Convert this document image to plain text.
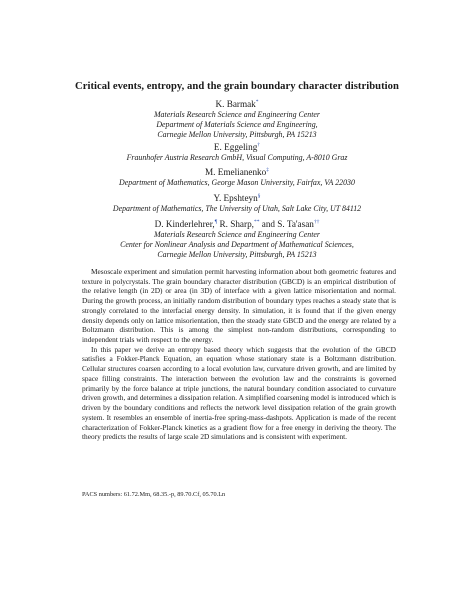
Critical events, entropy, and the grain boundary character distribution
K. Barmak*
Materials Research Science and Engineering Center
Department of Materials Science and Engineering,
Carnegie Mellon University, Pittsburgh, PA 15213
E. Eggeling†
Fraunhofer Austria Research GmbH, Visual Computing, A-8010 Graz
M. Emelianenko‡
Department of Mathematics, George Mason University, Fairfax, VA 22030
Y. Epshteyn§
Department of Mathematics, The University of Utah, Salt Lake City, UT 84112
D. Kinderlehrer,¶ R. Sharp,** and S. Ta'asan††
Materials Research Science and Engineering Center
Center for Nonlinear Analysis and Department of Mathematical Sciences,
Carnegie Mellon University, Pittsburgh, PA 15213

Mesoscale experiment and simulation permit harvesting information about both geometric features and texture in polycrystals. The grain boundary character distribution (GBCD) is an empirical distribution of the relative length (in 2D) or area (in 3D) of interface with a given lattice misorientation and normal. During the growth process, an initially random distribution of boundary types reaches a steady state that is strongly correlated to the interfacial energy density. In simulation, it is found that if the given energy density depends only on lattice misorientation, then the steady state GBCD and the energy are related by a Boltzmann distribution. This is among the simplest non-random distributions, corresponding to independent trials with respect to the energy.

In this paper we derive an entropy based theory which suggests that the evolution of the GBCD satisfies a Fokker-Planck Equation, an equation whose stationary state is a Boltzmann distribution. Cellular structures coarsen according to a local evolution law, curvature driven growth, and are limited by space filling constraints. The interaction between the evolution law and the constraints is governed primarily by the force balance at triple junctions, the natural boundary condition associated to curvature driven growth, and determines a dissipation relation. A simplified coarsening model is introduced which is driven by the boundary conditions and reflects the network level dissipation relation of the grain growth system. It resembles an ensemble of inertia-free spring-mass-dashpots. Application is made of the recent characterization of Fokker-Planck kinetics as a gradient flow for a free energy in deriving the theory. The theory predicts the results of large scale 2D simulations and is consistent with experiment.

PACS numbers: 61.72.Mm, 68.35.-p, 89.70.Cf, 05.70.Ln
